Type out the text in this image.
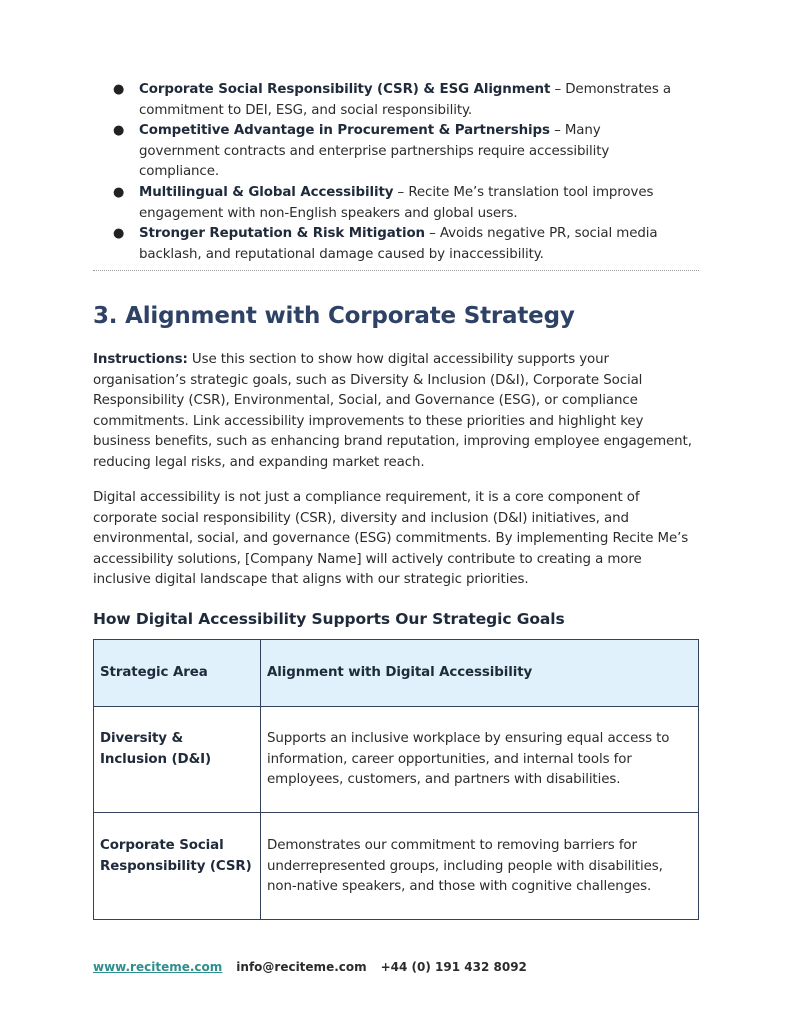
● Corporate Social Responsibility (CSR) & ESG Alignment – Demonstrates a commitment to DEI, ESG, and social responsibility.
● Competitive Advantage in Procurement & Partnerships – Many government contracts and enterprise partnerships require accessibility compliance.
● Multilingual & Global Accessibility – Recite Me’s translation tool improves engagement with non-English speakers and global users.
● Stronger Reputation & Risk Mitigation – Avoids negative PR, social media backlash, and reputational damage caused by inaccessibility.
3. Alignment with Corporate Strategy

Instructions: Use this section to show how digital accessibility supports your organisation’s strategic goals, such as Diversity & Inclusion (D&I), Corporate Social Responsibility (CSR), Environmental, Social, and Governance (ESG), or compliance commitments. Link accessibility improvements to these priorities and highlight key business benefits, such as enhancing brand reputation, improving employee engagement, reducing legal risks, and expanding market reach.

Digital accessibility is not just a compliance requirement, it is a core component of corporate social responsibility (CSR), diversity and inclusion (D&I) initiatives, and environmental, social, and governance (ESG) commitments. By implementing Recite Me’s accessibility solutions, [Company Name] will actively contribute to creating a more inclusive digital landscape that aligns with our strategic priorities.

How Digital Accessibility Supports Our Strategic Goals
Strategic Area	Alignment with Digital Accessibility
Diversity & Inclusion (D&I)	Supports an inclusive workplace by ensuring equal access to information, career opportunities, and internal tools for employees, customers, and partners with disabilities.
Corporate Social Responsibility (CSR)	Demonstrates our commitment to removing barriers for underrepresented groups, including people with disabilities, non-native speakers, and those with cognitive challenges.
www.reciteme.com info@reciteme.com +44 (0) 191 432 8092
